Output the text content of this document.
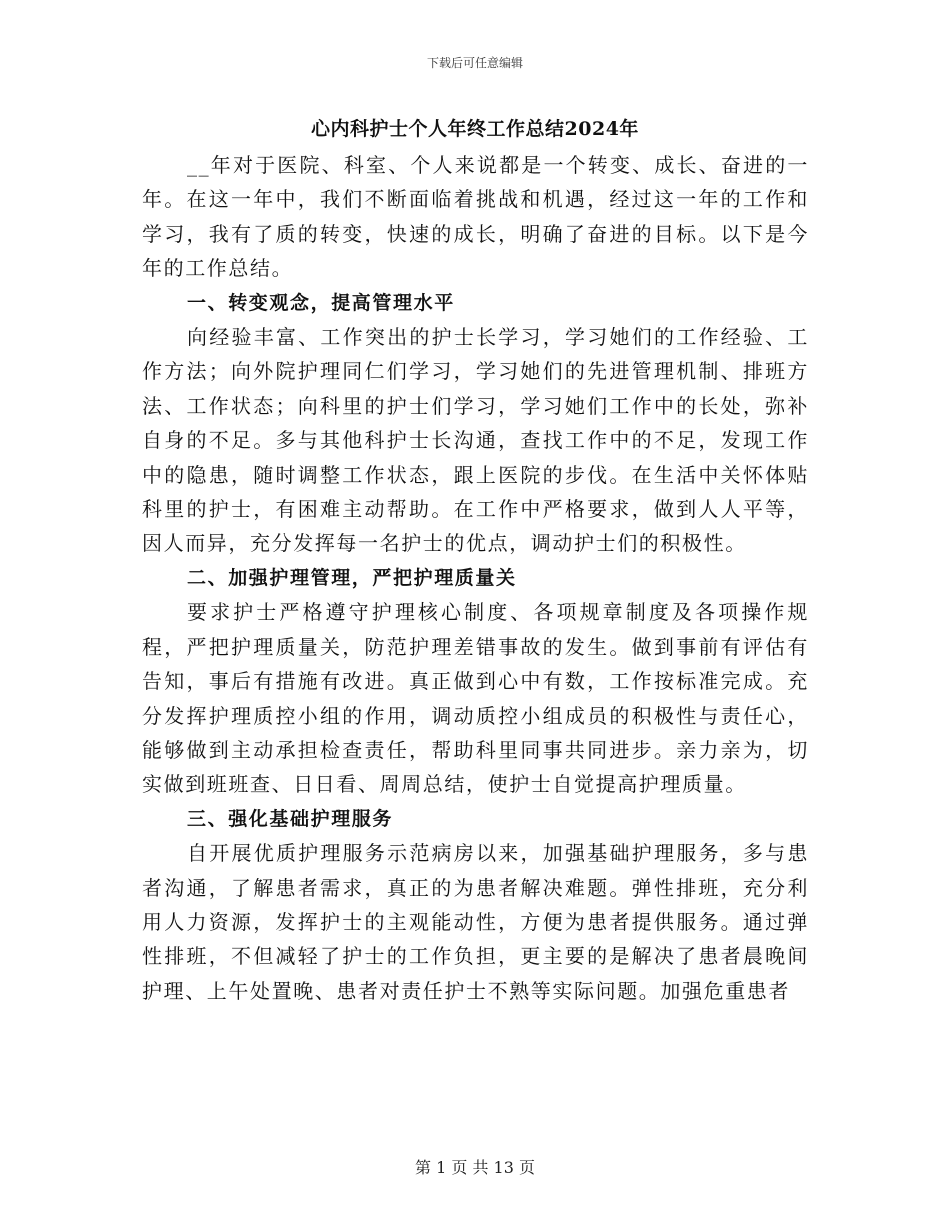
下载后可任意编辑
心内科护士个人年终工作总结2024年

__年对于医院、科室、个人来说都是一个转变、成长、奋进的一年。在这一年中，我们不断面临着挑战和机遇，经过这一年的工作和学习，我有了质的转变，快速的成长，明确了奋进的目标。以下是今年的工作总结。

一、转变观念，提高管理水平

向经验丰富、工作突出的护士长学习，学习她们的工作经验、工作方法；向外院护理同仁们学习，学习她们的先进管理机制、排班方法、工作状态；向科里的护士们学习，学习她们工作中的长处，弥补自身的不足。多与其他科护士长沟通，查找工作中的不足，发现工作中的隐患，随时调整工作状态，跟上医院的步伐。在生活中关怀体贴科里的护士，有困难主动帮助。在工作中严格要求，做到人人平等，因人而异，充分发挥每一名护士的优点，调动护士们的积极性。

二、加强护理管理，严把护理质量关

要求护士严格遵守护理核心制度、各项规章制度及各项操作规程，严把护理质量关，防范护理差错事故的发生。做到事前有评估有告知，事后有措施有改进。真正做到心中有数，工作按标准完成。充分发挥护理质控小组的作用，调动质控小组成员的积极性与责任心，能够做到主动承担检查责任，帮助科里同事共同进步。亲力亲为，切实做到班班查、日日看、周周总结，使护士自觉提高护理质量。

三、强化基础护理服务

自开展优质护理服务示范病房以来，加强基础护理服务，多与患者沟通，了解患者需求，真正的为患者解决难题。弹性排班，充分利用人力资源，发挥护士的主观能动性，方便为患者提供服务。通过弹性排班，不但减轻了护士的工作负担，更主要的是解决了患者晨晚间护理、上午处置晚、患者对责任护士不熟等实际问题。加强危重患者

第 1 页 共 13 页
